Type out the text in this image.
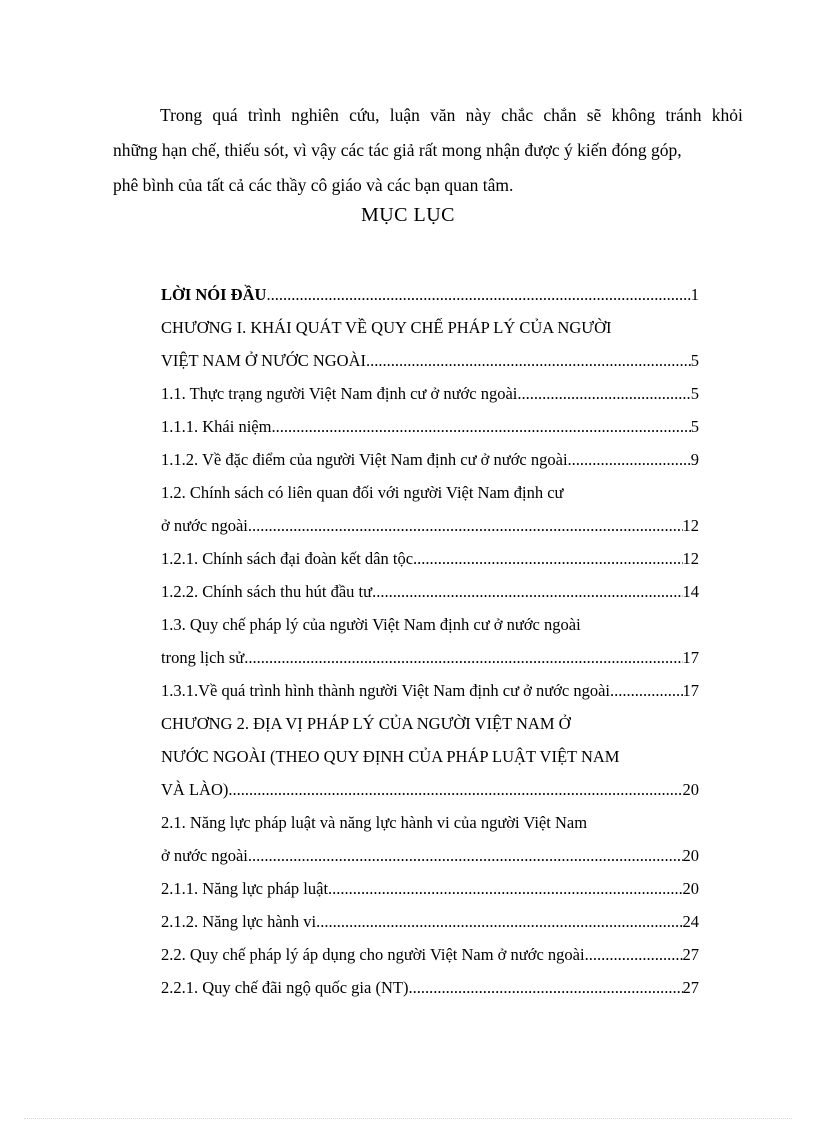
Trong quá trình nghiên cứu, luận văn này chắc chắn sẽ không tránh khỏi
những hạn chế, thiếu sót, vì vậy các tác giả rất mong nhận được ý kiến đóng góp,
phê bình của tất cả các thầy cô giáo và các bạn quan tâm.
MỤC LỤC
LỜI NÓI ĐẦU .....	1
CHƯƠNG I. KHÁI QUÁT VỀ QUY CHẾ PHÁP LÝ CỦA NGƯỜI
VIỆT NAM Ở NƯỚC NGOÀI .....	5
1.1. Thực trạng người Việt Nam định cư ở nước ngoài .....	5
1.1.1. Khái niệm .....	5
1.1.2. Về đặc điểm của người Việt Nam định cư ở nước ngoài .....	9
1.2. Chính sách có liên quan đối với người Việt Nam định cư
ở nước ngoài .....	12
1.2.1. Chính sách đại đoàn kết dân tộc .....	12
1.2.2. Chính sách thu hút đầu tư .....	14
1.3. Quy chế pháp lý của người Việt Nam định cư ở nước ngoài
trong lịch sử .....	17
1.3.1.Về quá trình hình thành người Việt Nam định cư ở nước ngoài .....	17
CHƯƠNG 2. ĐỊA VỊ PHÁP LÝ CỦA NGƯỜI VIỆT NAM Ở
NƯỚC NGOÀI (THEO QUY ĐỊNH CỦA PHÁP LUẬT VIỆT NAM
VÀ LÀO) .....	20
2.1. Năng lực pháp luật và năng lực hành vi của người Việt Nam
ở nước ngoài .....	20
2.1.1. Năng lực pháp luật .....	20
2.1.2. Năng lực hành vi .....	24
2.2. Quy chế pháp lý áp dụng cho người Việt Nam ở nước ngoài .....	27
2.2.1. Quy chế đãi ngộ quốc gia (NT) .....	27
